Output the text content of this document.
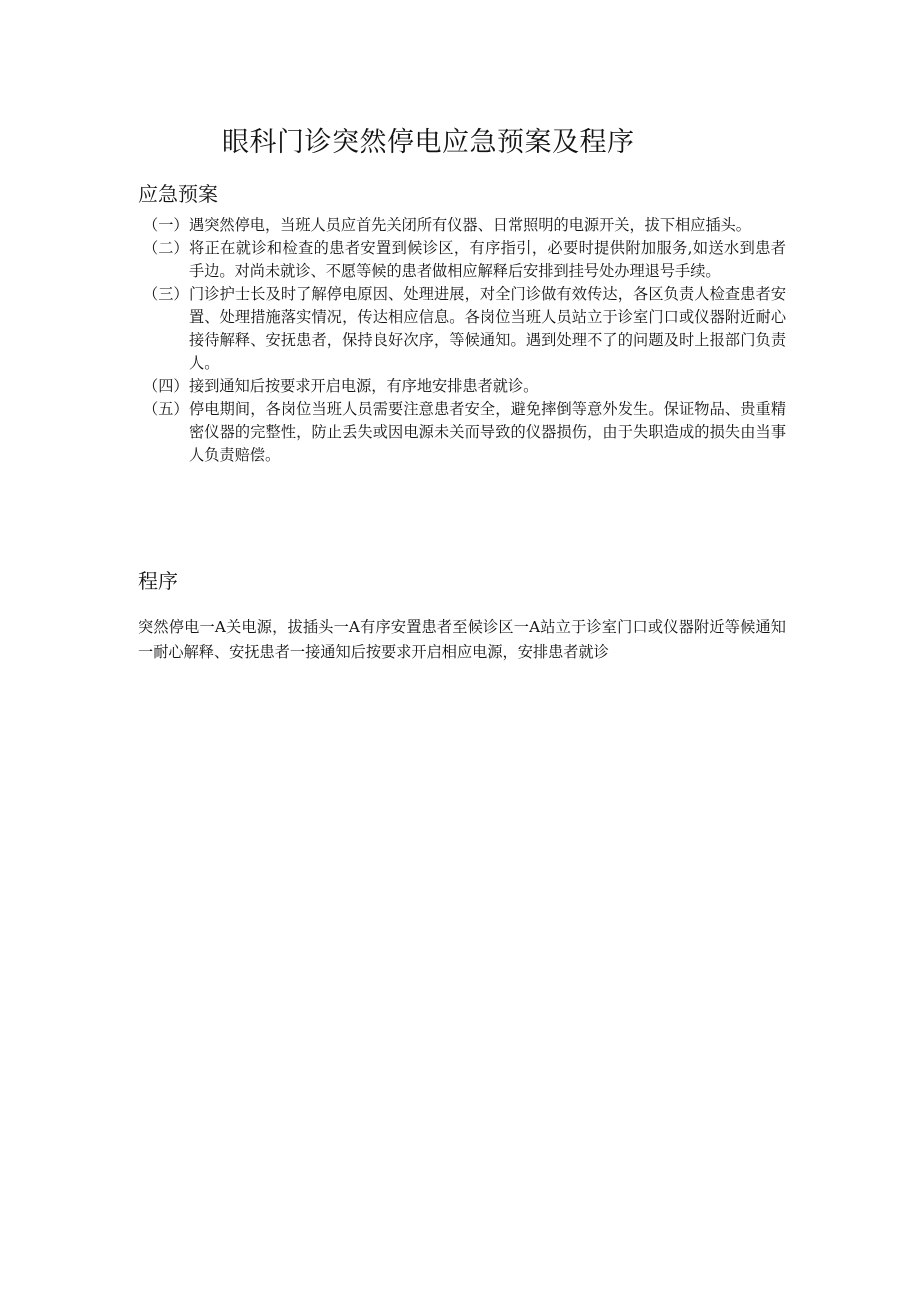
眼科门诊突然停电应急预案及程序
应急预案
（一） 遇突然停电，当班人员应首先关闭所有仪器、日常照明的电源开关，拔下相应插头。
（二） 将正在就诊和检查的患者安置到候诊区，有序指引，必要时提供附加服务,如送水到患者手边。对尚未就诊、不愿等候的患者做相应解释后安排到挂号处办理退号手续。
（三） 门诊护士长及时了解停电原因、处理进展，对全门诊做有效传达，各区负责人检查患者安置、处理措施落实情况，传达相应信息。各岗位当班人员站立于诊室门口或仪器附近耐心接待解释、安抚患者，保持良好次序，等候通知。遇到处理不了的问题及时上报部门负责人。
（四） 接到通知后按要求开启电源，有序地安排患者就诊。
（五） 停电期间，各岗位当班人员需要注意患者安全，避免摔倒等意外发生。保证物品、贵重精密仪器的完整性，防止丢失或因电源未关而导致的仪器损伤，由于失职造成的损失由当事人负责赔偿。
程序

突然停电一A关电源，拔插头一A有序安置患者至候诊区一A站立于诊室门口或仪器附近等候通知一耐心解释、安抚患者一接通知后按要求开启相应电源，安排患者就诊
